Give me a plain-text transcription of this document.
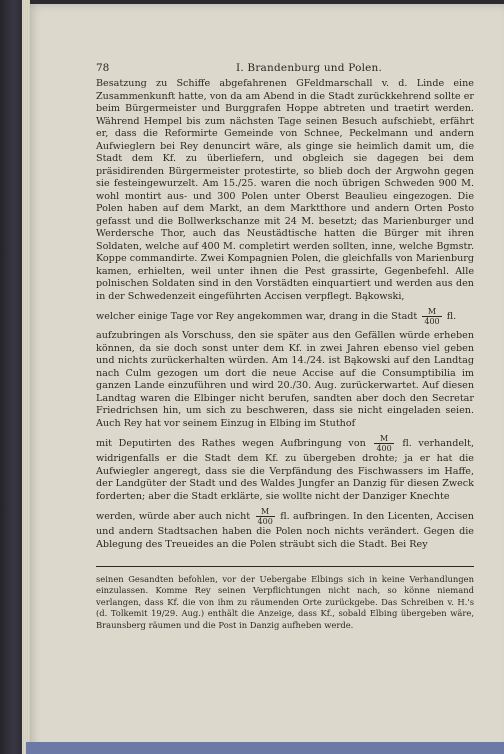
78	I. Brandenburg und Polen.

Besatzung zu Schiffe abgefahrenen GFeldmarschall v. d. Linde eine Zusammenkunft hatte, von da am Abend in die Stadt zurückkehrend sollte er beim Bürgermeister und Burggrafen Hoppe abtreten und traetirt werden. Während Hempel bis zum nächsten Tage seinen Besuch aufschiebt, erfährt er, dass die Reformirte Gemeinde von Schnee, Peckelmann und andern Aufwieglern bei Rey denuncirt wäre, als ginge sie heimlich damit um, die Stadt dem Kf. zu überliefern, und obgleich sie dagegen bei dem präsidirenden Bürgermeister protestirte, so blieb doch der Argwohn gegen sie festeingewurzelt. Am 15./25. waren die noch übrigen Schweden 900 M. wohl montirt aus- und 300 Polen unter Oberst Beaulieu eingezogen. Die Polen haben auf dem Markt, an dem Marktthore und andern Orten Posto gefasst und die Bollwerkschanze mit 24 M. besetzt; das Marienburger und Werdersche Thor, auch das Neustädtische hatten die Bürger mit ihren Soldaten, welche auf 400 M. completirt werden sollten, inne, welche Bgmstr. Koppe commandirte. Zwei Kompagnien Polen, die gleichfalls von Marienburg kamen, erhielten, weil unter ihnen die Pest grassirte, Gegenbefehl. Alle polnischen Soldaten sind in den Vorstädten einquartiert und werden aus den in der Schwedenzeit eingeführten Accisen verpflegt. Bąkowski,

welcher einige Tage vor Rey angekommen war, drang in die Stadt $\frac{M}{400}$ fl.

aufzubringen als Vorschuss, den sie später aus den Gefällen würde erheben können, da sie doch sonst unter dem Kf. in zwei Jahren ebenso viel geben und nichts zurückerhalten würden. Am 14./24. ist Bąkowski auf den Landtag nach Culm gezogen um dort die neue Accise auf die Consumptibilia im ganzen Lande einzuführen und wird 20./30. Aug. zurückerwartet. Auf diesen Landtag waren die Elbinger nicht berufen, sandten aber doch den Secretar Friedrichsen hin, um sich zu beschweren, dass sie nicht eingeladen seien. Auch Rey hat vor seinem Einzug in Elbing im Stuthof

mit Deputirten des Rathes wegen Aufbringung von $\frac{M}{400}$ fl. verhandelt, widrigenfalls er die Stadt dem Kf. zu übergeben drohte; ja er hat die Aufwiegler angeregt, dass sie die Verpfändung des Fischwassers im Haffe, der Landgüter der Stadt und des Waldes Jungfer an Danzig für diesen Zweck forderten; aber die Stadt erklärte, sie wollte nicht der Danziger Knechte

werden, würde aber auch nicht $\frac{M}{400}$ fl. aufbringen. In den Licenten, Accisen und andern Stadtsachen haben die Polen noch nichts verändert. Gegen die Ablegung des Treueides an die Polen sträubt sich die Stadt. Bei Rey

seinen Gesandten befohlen, vor der Uebergabe Elbings sich in keine Verhandlungen einzulassen. Komme Rey seinen Verpflichtungen nicht nach, so könne niemand verlangen, dass Kf. die von ihm zu räumenden Orte zurückgebe. Das Schreiben v. H.'s (d. Tolkemit 19/29. Aug.) enthält die Anzeige, dass Kf., sobald Elbing übergeben wäre, Braunsberg räumen und die Post in Danzig aufheben werde.
